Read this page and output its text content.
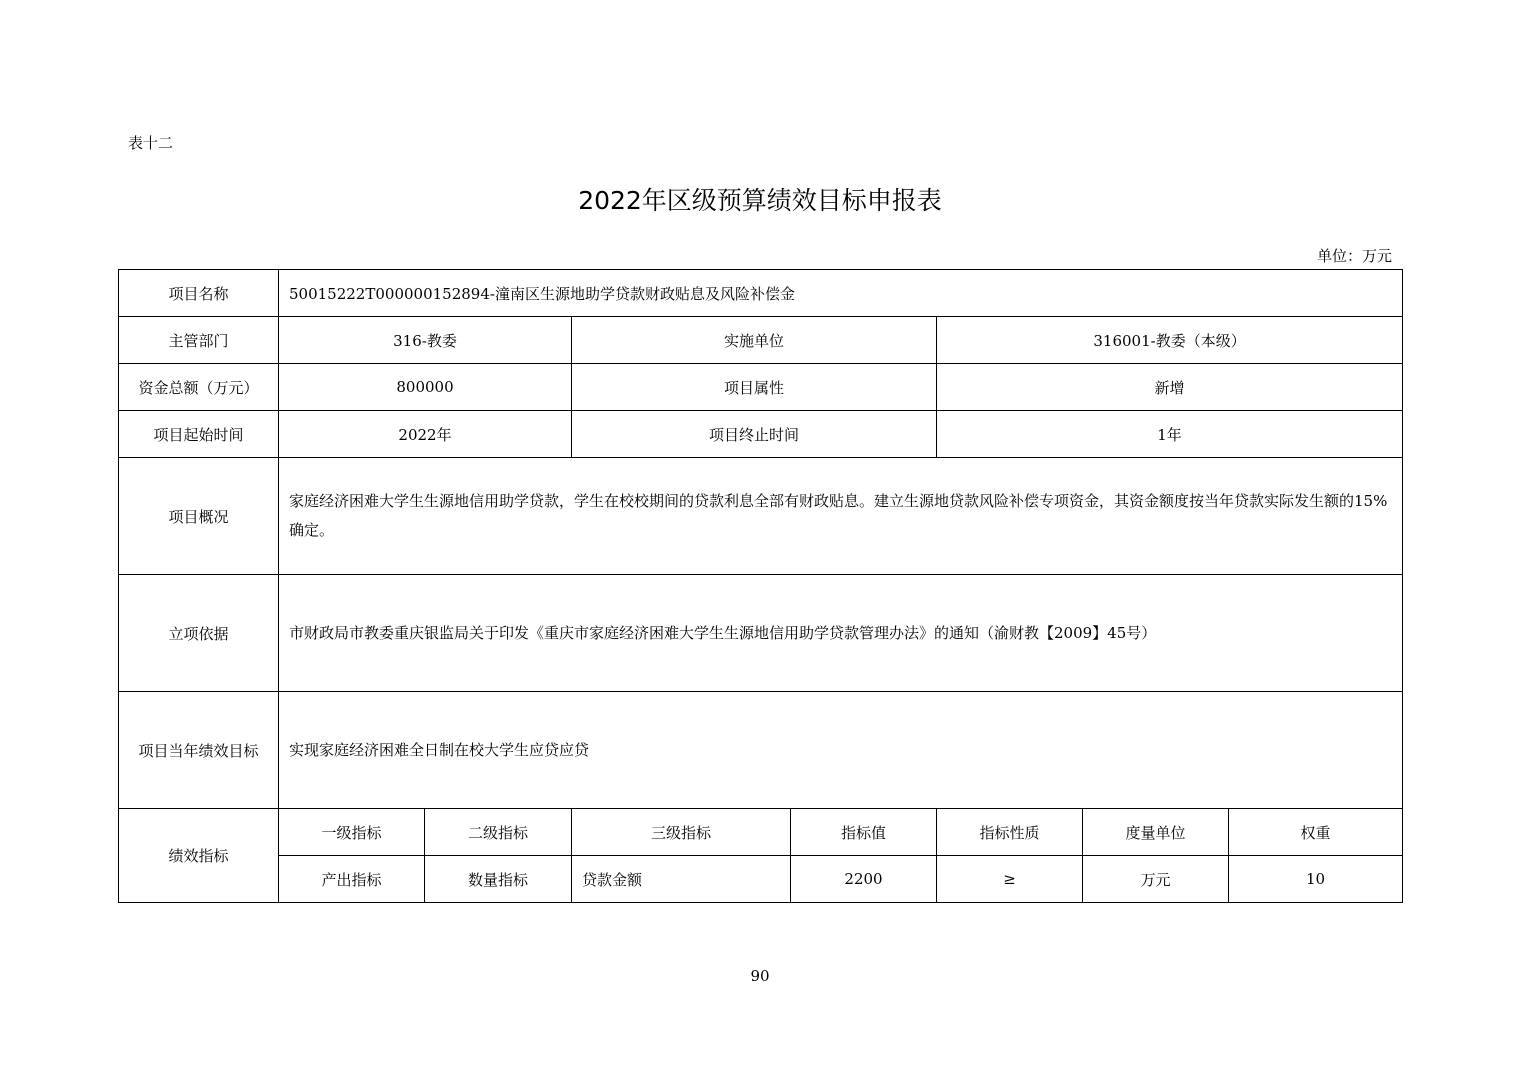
表十二
2022年区级预算绩效目标申报表
单位：万元
项目名称	50015222T000000152894-潼南区生源地助学贷款财政贴息及风险补偿金						
主管部门	316-教委		实施单位		316001-教委（本级）		
资金总额（万元）	800000		项目属性		新增		
项目起始时间	2022年		项目终止时间		1年		
项目概况	家庭经济困难大学生生源地信用助学贷款，学生在校校期间的贷款利息全部有财政贴息。建立生源地贷款风险补偿专项资金，其资金额度按当年贷款实际发生额的15%确定。						
立项依据	市财政局市教委重庆银监局关于印发《重庆市家庭经济困难大学生生源地信用助学贷款管理办法》的通知（渝财教【2009】45号）						
项目当年绩效目标	实现家庭经济困难全日制在校大学生应贷应贷						
绩效指标	一级指标	二级指标	三级指标	指标值	指标性质	度量单位	权重
	产出指标	数量指标	贷款金额	2200	≥	万元	10
90
